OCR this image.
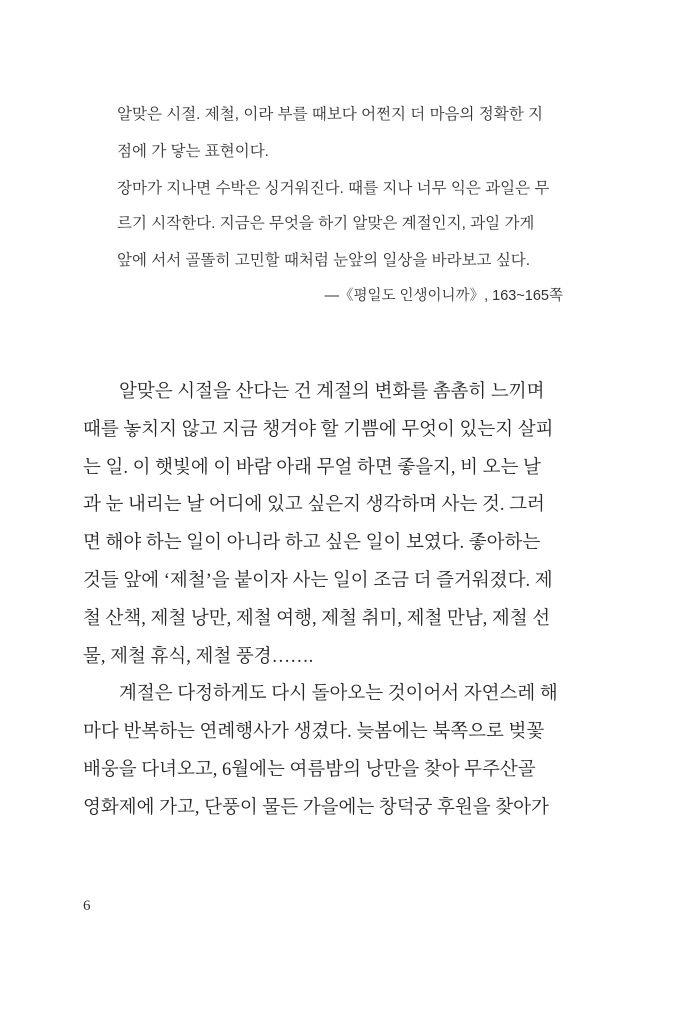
알맞은 시절. 제철, 이라 부를 때보다 어쩐지 더 마음의 정확한 지
점에 가 닿는 표현이다.
장마가 지나면 수박은 싱거워진다. 때를 지나 너무 익은 과일은 무
르기 시작한다. 지금은 무엇을 하기 알맞은 계절인지, 과일 가게
앞에 서서 골똘히 고민할 때처럼 눈앞의 일상을 바라보고 싶다.
—《평일도 인생이니까》, 163~165쪽
알맞은 시절을 산다는 건 계절의 변화를 촘촘히 느끼며
때를 놓치지 않고 지금 챙겨야 할 기쁨에 무엇이 있는지 살피
는 일. 이 햇빛에 이 바람 아래 무얼 하면 좋을지, 비 오는 날
과 눈 내리는 날 어디에 있고 싶은지 생각하며 사는 것. 그러
면 해야 하는 일이 아니라 하고 싶은 일이 보였다. 좋아하는
것들 앞에 ‘제철’을 붙이자 사는 일이 조금 더 즐거워졌다. 제
철 산책, 제철 낭만, 제철 여행, 제철 취미, 제철 만남, 제철 선
물, 제철 휴식, 제철 풍경…….
계절은 다정하게도 다시 돌아오는 것이어서 자연스레 해
마다 반복하는 연례행사가 생겼다. 늦봄에는 북쪽으로 벚꽃
배웅을 다녀오고, 6월에는 여름밤의 낭만을 찾아 무주산골
영화제에 가고, 단풍이 물든 가을에는 창덕궁 후원을 찾아가
6
